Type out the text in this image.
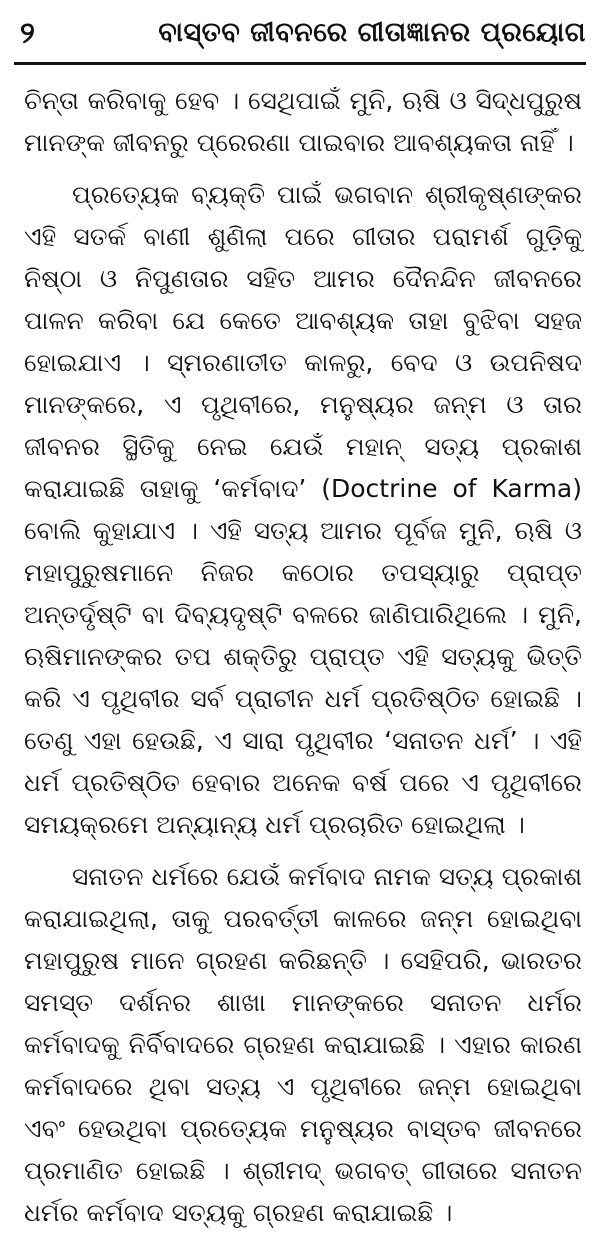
୨	ବାସ୍ତବ ଜୀବନରେ ଗୀତାଜ୍ଞାନର ପ୍ରୟୋଗ

ଚିନ୍ତା କରିବାକୁ ହେବ । ସେଥିପାଇଁ ମୁନି, ଋଷି ଓ ସିଦ୍ଧପୁରୁଷ ମାନଙ୍କ ଜୀବନରୁ ପ୍ରେରଣା ପାଇବାର ଆବଶ୍ୟକତା ନାହିଁ ।

ପ୍ରତ୍ୟେକ ବ୍ୟକ୍ତି ପାଇଁ ଭଗବାନ ଶ୍ରୀକୃଷ୍ଣଙ୍କର ଏହି ସତର୍କ ବାଣୀ ଶୁଣିଲା ପରେ ଗୀତାର ପରାମର୍ଶ ଗୁଡ଼ିକୁ ନିଷ୍ଠା ଓ ନିପୁଣତାର ସହିତ ଆମର ଦୈନନ୍ଦିନ ଜୀବନରେ ପାଳନ କରିବା ଯେ କେତେ ଆବଶ୍ୟକ ତାହା ବୁଝିବା ସହଜ ହୋଇଯାଏ । ସ୍ମରଣାତୀତ କାଳରୁ, ବେଦ ଓ ଉପନିଷଦ ମାନଙ୍କରେ, ଏ ପୃଥିବୀରେ, ମନୁଷ୍ୟର ଜନ୍ମ ଓ ତାର ଜୀବନର ସ୍ଥିତିକୁ ନେଇ ଯେଉଁ ମହାନ୍ ସତ୍ୟ ପ୍ରକାଶ କରାଯାଇଛି ତାହାକୁ ‘କର୍ମବାଦ’ (Doctrine of Karma) ବୋଲି କୁହାଯାଏ । ଏହି ସତ୍ୟ ଆମର ପୂର୍ବଜ ମୁନି, ଋଷି ଓ ମହାପୁରୁଷମାନେ ନିଜର କଠୋର ତପସ୍ୟାରୁ ପ୍ରାପ୍ତ ଅନ୍ତର୍ଦୃଷ୍ଟି ବା ଦିବ୍ୟଦୃଷ୍ଟି ବଳରେ ଜାଣିପାରିଥିଲେ । ମୁନି, ଋଷିମାନଙ୍କର ତପ ଶକ୍ତିରୁ ପ୍ରାପ୍ତ ଏହି ସତ୍ୟକୁ ଭିତ୍ତି କରି ଏ ପୃଥିବୀର ସର୍ବ ପ୍ରାଚୀନ ଧର୍ମ ପ୍ରତିଷ୍ଠିତ ହୋଇଛି । ତେଣୁ ଏହା ହେଉଛି, ଏ ସାରା ପୃଥିବୀର ‘ସନାତନ ଧର୍ମ’ । ଏହି ଧର୍ମ ପ୍ରତିଷ୍ଠିତ ହେବାର ଅନେକ ବର୍ଷ ପରେ ଏ ପୃଥିବୀରେ ସମୟକ୍ରମେ ଅନ୍ୟାନ୍ୟ ଧର୍ମ ପ୍ରଚାରିତ ହୋଇଥିଲା ।

ସନାତନ ଧର୍ମରେ ଯେଉଁ କର୍ମବାଦ ନାମକ ସତ୍ୟ ପ୍ରକାଶ କରାଯାଇଥିଲା, ତାକୁ ପରବର୍ତ୍ତୀ କାଳରେ ଜନ୍ମ ହୋଇଥିବା ମହାପୁରୁଷ ମାନେ ଗ୍ରହଣ କରିଛନ୍ତି । ସେହିପରି, ଭାରତର ସମସ୍ତ ଦର୍ଶନର ଶାଖା ମାନଙ୍କରେ ସନାତନ ଧର୍ମର କର୍ମବାଦକୁ ନିର୍ବିବାଦରେ ଗ୍ରହଣ କରାଯାଇଛି । ଏହାର କାରଣ କର୍ମବାଦରେ ଥିବା ସତ୍ୟ ଏ ପୃଥିବୀରେ ଜନ୍ମ ହୋଇଥିବା ଏବଂ ହେଉଥିବା ପ୍ରତ୍ୟେକ ମନୁଷ୍ୟର ବାସ୍ତବ ଜୀବନରେ ପ୍ରମାଣିତ ହୋଇଛି । ଶ୍ରୀମଦ୍ ଭଗବତ୍ ଗୀତାରେ ସନାତନ ଧର୍ମର କର୍ମବାଦ ସତ୍ୟକୁ ଗ୍ରହଣ କରାଯାଇଛି ।
